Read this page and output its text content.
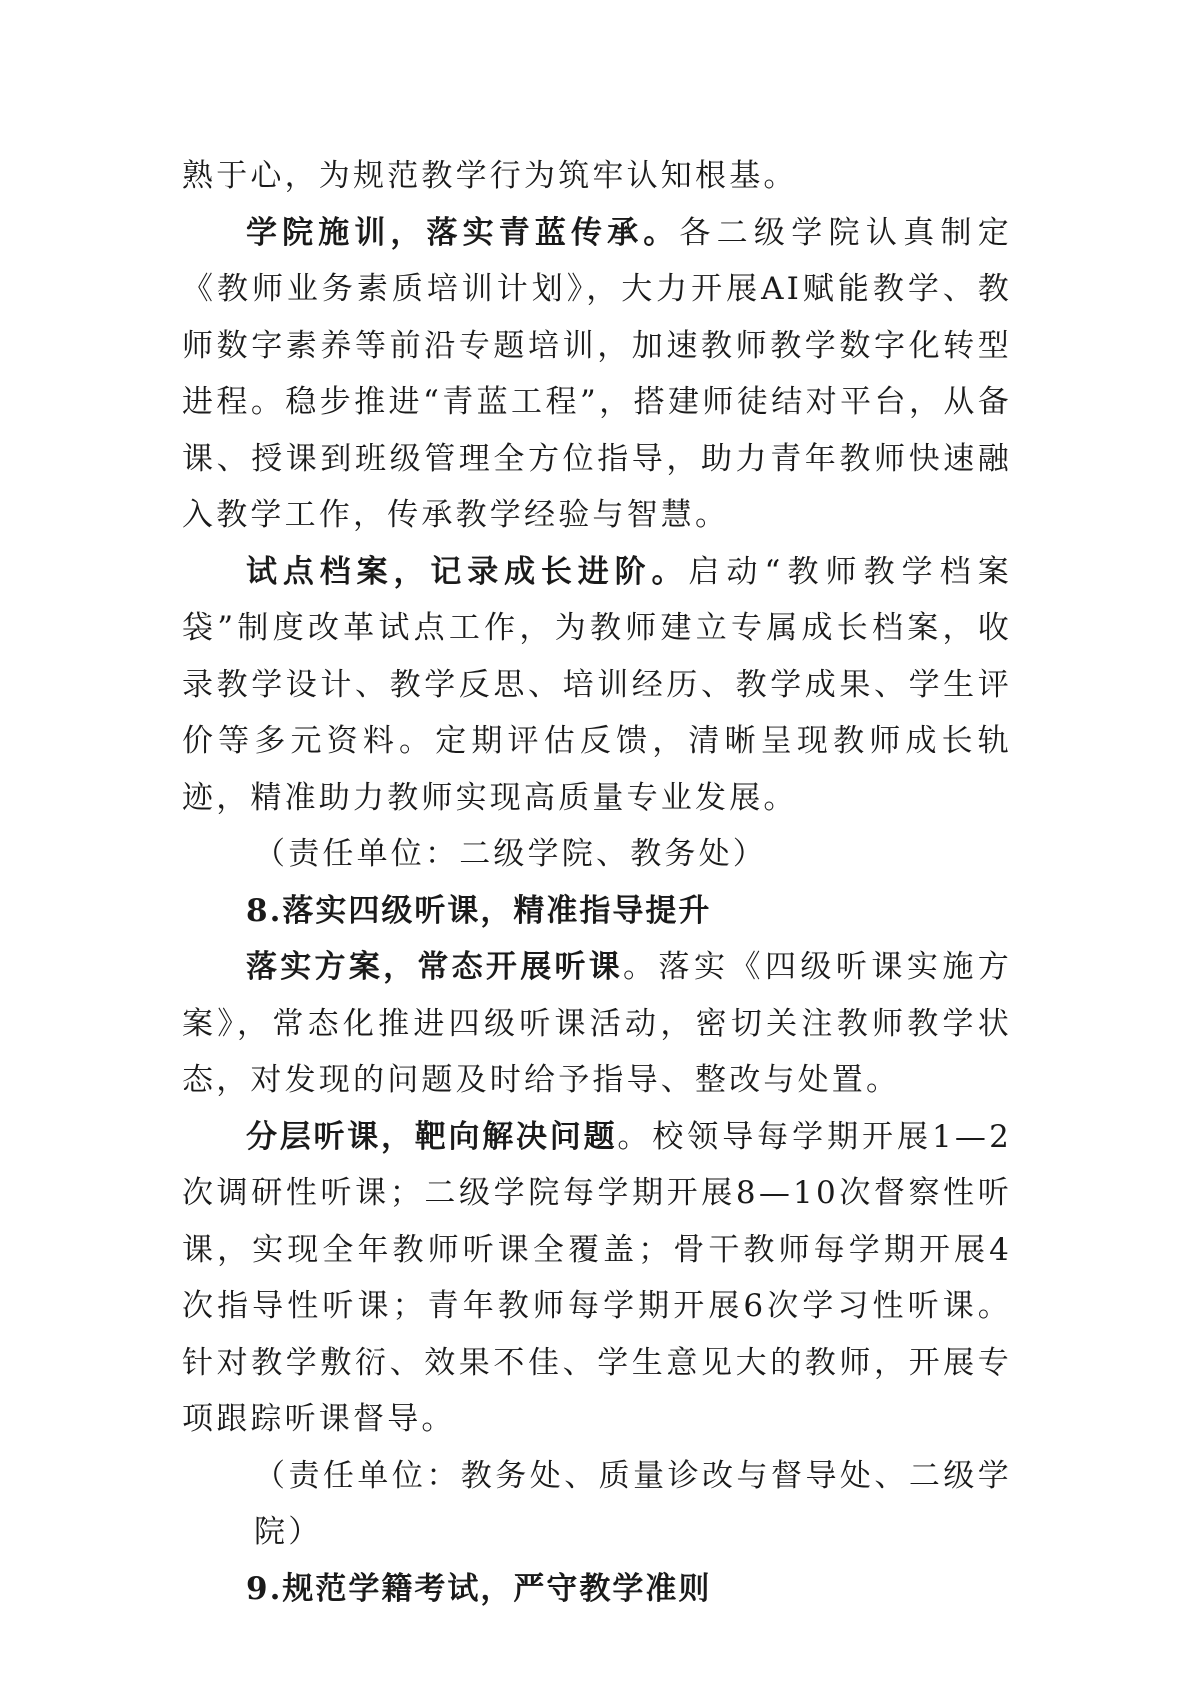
熟于心，为规范教学行为筑牢认知根基。

学院施训，落实青蓝传承。各二级学院认真制定《教师业务素质培训计划》，大力开展AI赋能教学、教师数字素养等前沿专题培训，加速教师教学数字化转型进程。稳步推进“青蓝工程”，搭建师徒结对平台，从备课、授课到班级管理全方位指导，助力青年教师快速融入教学工作，传承教学经验与智慧。

试点档案，记录成长进阶。启动“教师教学档案袋”制度改革试点工作，为教师建立专属成长档案，收录教学设计、教学反思、培训经历、教学成果、学生评价等多元资料。定期评估反馈，清晰呈现教师成长轨迹，精准助力教师实现高质量专业发展。

（责任单位：二级学院、教务处）

8.落实四级听课，精准指导提升

落实方案，常态开展听课。落实《四级听课实施方案》，常态化推进四级听课活动，密切关注教师教学状态，对发现的问题及时给予指导、整改与处置。

分层听课，靶向解决问题。校领导每学期开展1—2次调研性听课；二级学院每学期开展8—10次督察性听课，实现全年教师听课全覆盖；骨干教师每学期开展4次指导性听课；青年教师每学期开展6次学习性听课。针对教学敷衍、效果不佳、学生意见大的教师，开展专项跟踪听课督导。

（责任单位：教务处、质量诊改与督导处、二级学院）

9.规范学籍考试，严守教学准则
